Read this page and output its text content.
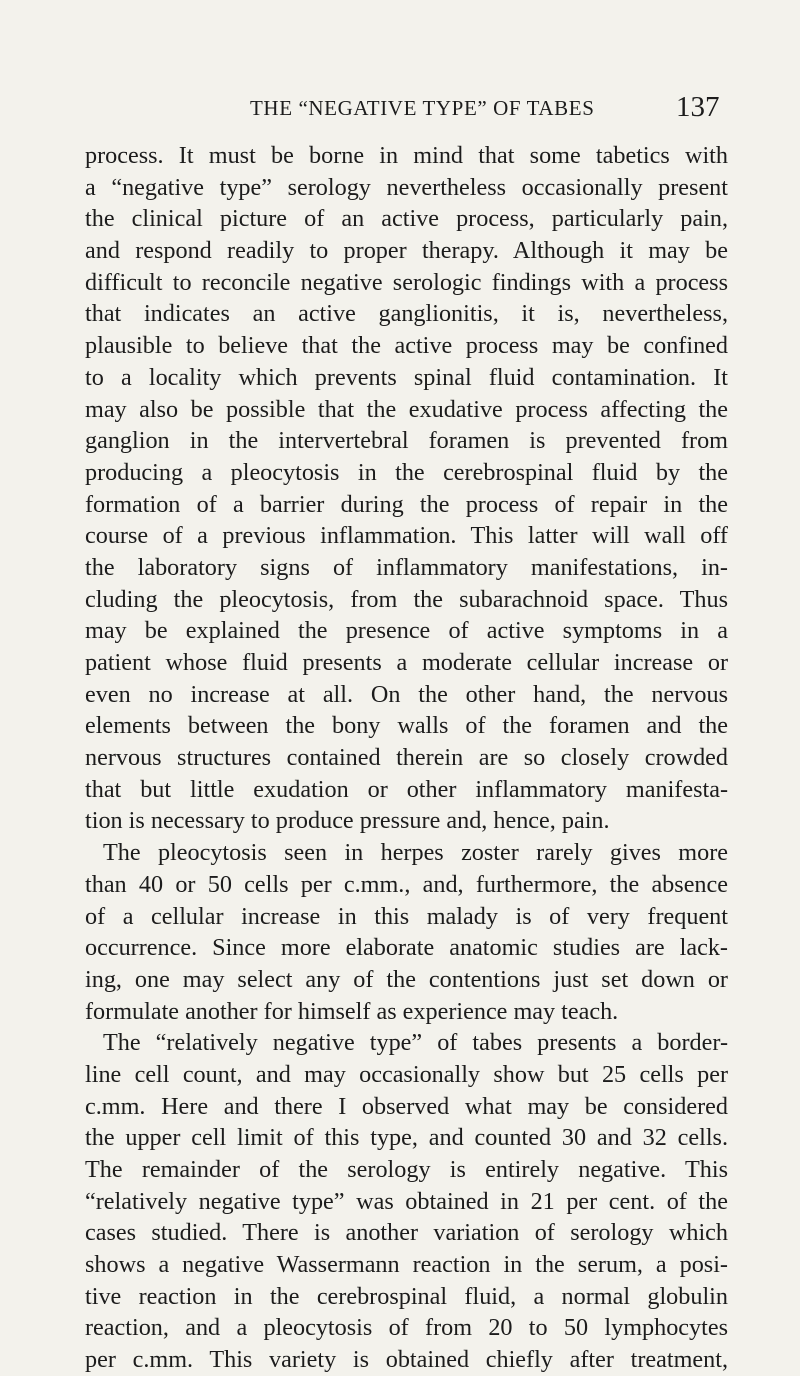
THE “NEGATIVE TYPE” OF TABES	137
process. It must be borne in mind that some tabetics with
a “negative type” serology nevertheless occasionally present
the clinical picture of an active process, particularly pain,
and respond readily to proper therapy. Although it may be
difficult to reconcile negative serologic findings with a process
that indicates an active ganglionitis, it is, nevertheless,
plausible to believe that the active process may be confined
to a locality which prevents spinal fluid contamination. It
may also be possible that the exudative process affecting the
ganglion in the intervertebral foramen is prevented from
producing a pleocytosis in the cerebrospinal fluid by the
formation of a barrier during the process of repair in the
course of a previous inflammation. This latter will wall off
the laboratory signs of inflammatory manifestations, in-
cluding the pleocytosis, from the subarachnoid space. Thus
may be explained the presence of active symptoms in a
patient whose fluid presents a moderate cellular increase or
even no increase at all. On the other hand, the nervous
elements between the bony walls of the foramen and the
nervous structures contained therein are so closely crowded
that but little exudation or other inflammatory manifesta-
tion is necessary to produce pressure and, hence, pain.
The pleocytosis seen in herpes zoster rarely gives more
than 40 or 50 cells per c.mm., and, furthermore, the absence
of a cellular increase in this malady is of very frequent
occurrence. Since more elaborate anatomic studies are lack-
ing, one may select any of the contentions just set down or
formulate another for himself as experience may teach.
The “relatively negative type” of tabes presents a border-
line cell count, and may occasionally show but 25 cells per
c.mm. Here and there I observed what may be considered
the upper cell limit of this type, and counted 30 and 32 cells.
The remainder of the serology is entirely negative. This
“relatively negative type” was obtained in 21 per cent. of the
cases studied. There is another variation of serology which
shows a negative Wassermann reaction in the serum, a posi-
tive reaction in the cerebrospinal fluid, a normal globulin
reaction, and a pleocytosis of from 20 to 50 lymphocytes
per c.mm. This variety is obtained chiefly after treatment,
